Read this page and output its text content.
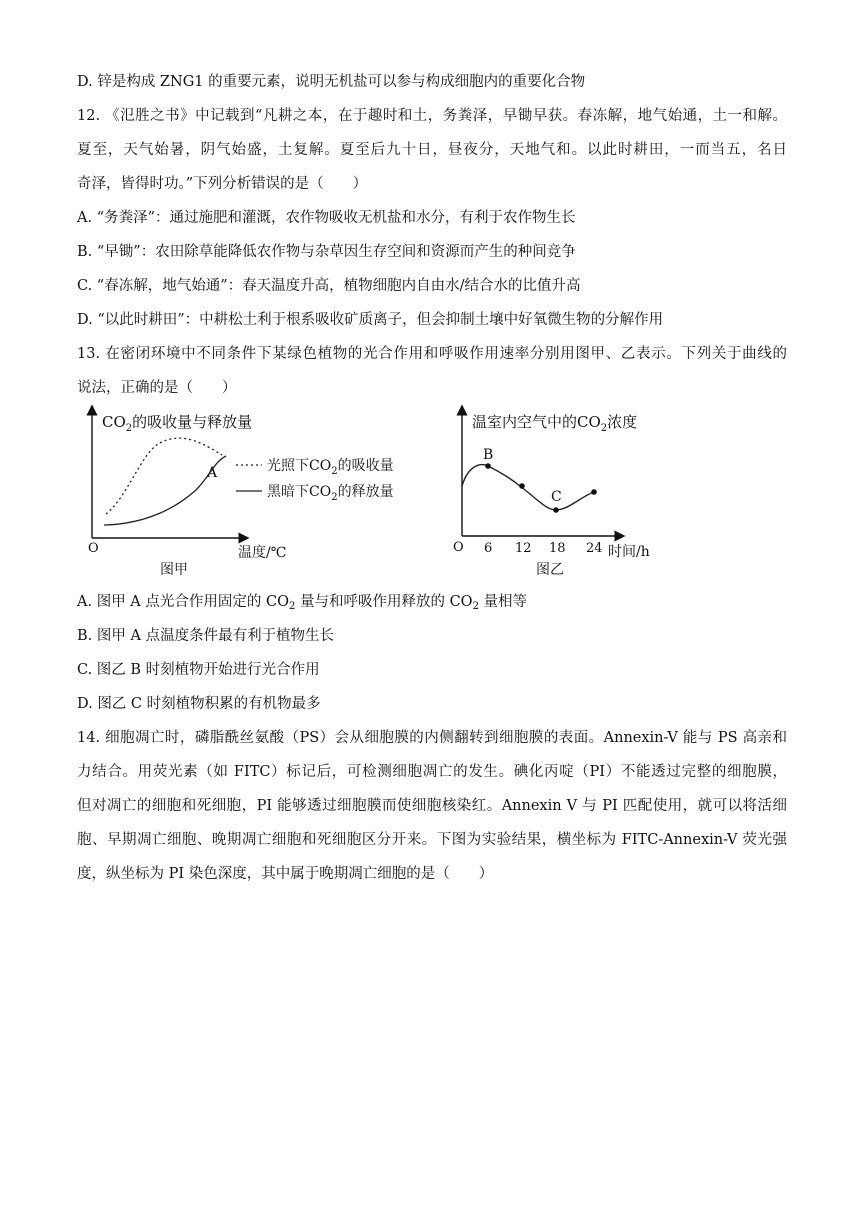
D. 锌是构成 ZNG1 的重要元素，说明无机盐可以参与构成细胞内的重要化合物
12. 《氾胜之书》中记载到“凡耕之本，在于趣时和土，务粪泽，早锄早获。春冻解，地气始通，土一和解。
夏至，天气始暑，阴气始盛，土复解。夏至后九十日，昼夜分，天地气和。以此时耕田，一而当五，名日
奇泽，皆得时功。”下列分析错误的是（　　）
A. “务粪泽”：通过施肥和灌溉，农作物吸收无机盐和水分，有利于农作物生长
B. “早锄”：农田除草能降低农作物与杂草因生存空间和资源而产生的种间竞争
C. “春冻解，地气始通”：春天温度升高，植物细胞内自由水/结合水的比值升高
D. “以此时耕田”：中耕松土利于根系吸收矿质离子，但会抑制土壤中好氧微生物的分解作用
13. 在密闭环境中不同条件下某绿色植物的光合作用和呼吸作用速率分别用图甲、乙表示。下列关于曲线的
说法，正确的是（　　）
$CO_2$的吸收量与释放量
A
O	温度/℃
图甲
光照下$CO_2$的吸收量
黑暗下$CO_2$的释放量
温室内空气中的$CO_2$浓度
B
C
O 6 12 18 24 时间/h
图乙
A. 图甲 A 点光合作用固定的 $CO_2$ 量与和呼吸作用释放的 $CO_2$ 量相等
B. 图甲 A 点温度条件最有利于植物生长
C. 图乙 B 时刻植物开始进行光合作用
D. 图乙 C 时刻植物积累的有机物最多
14. 细胞凋亡时，磷脂酰丝氨酸（PS）会从细胞膜的内侧翻转到细胞膜的表面。Annexin-V 能与 PS 高亲和
力结合。用荧光素（如 FITC）标记后，可检测细胞凋亡的发生。碘化丙啶（PI）不能透过完整的细胞膜，
但对凋亡的细胞和死细胞，PI 能够透过细胞膜而使细胞核染红。Annexin V 与 PI 匹配使用，就可以将活细
胞、早期凋亡细胞、晚期凋亡细胞和死细胞区分开来。下图为实验结果，横坐标为 FITC-Annexin-V 荧光强
度，纵坐标为 PI 染色深度，其中属于晚期凋亡细胞的是（　　）
